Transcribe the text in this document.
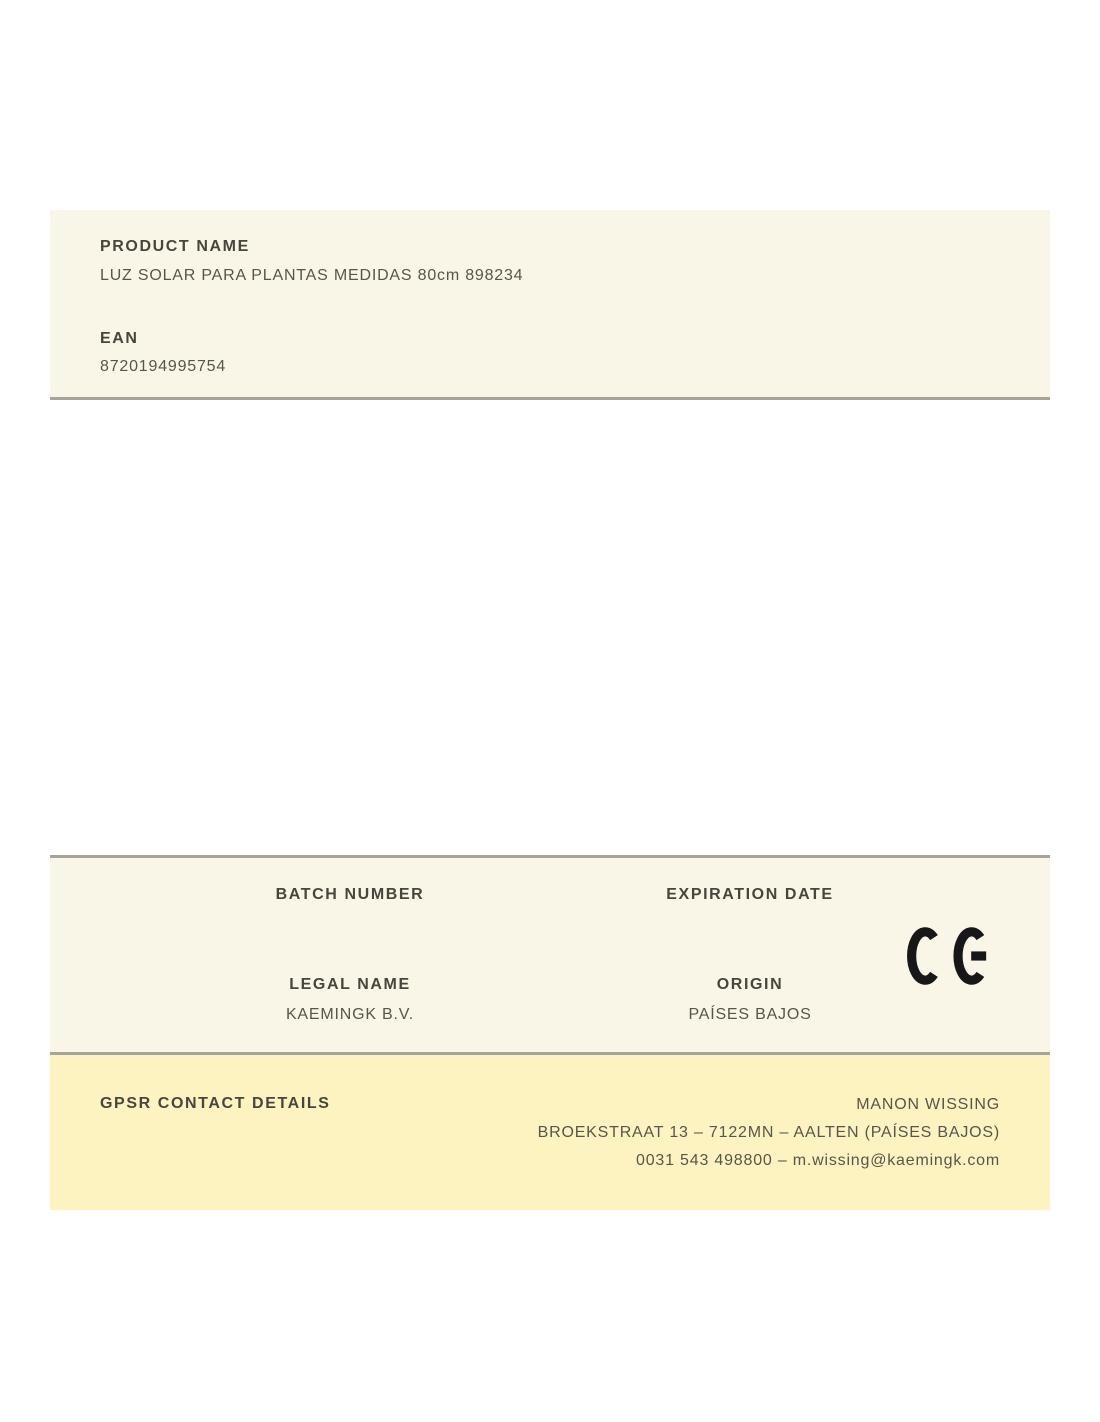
PRODUCT NAME
LUZ SOLAR PARA PLANTAS MEDIDAS 80cm 898234
EAN
8720194995754
BATCH NUMBER	EXPIRATION DATE
LEGAL NAME	ORIGIN
KAEMINGK B.V.	PAÍSES BAJOS
GPSR CONTACT DETAILS	MANON WISSING
BROEKSTRAAT 13 – 7122MN – AALTEN (PAÍSES BAJOS)
0031 543 498800 – m.wissing@kaemingk.com
